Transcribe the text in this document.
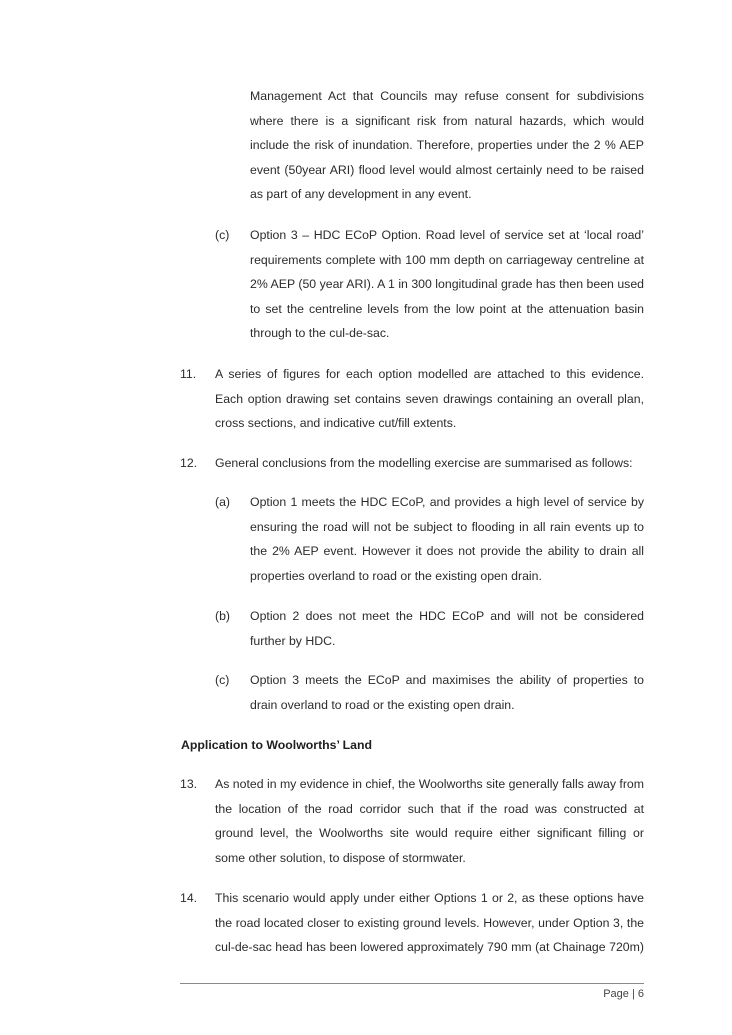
Management Act that Councils may refuse consent for subdivisions where there is a significant risk from natural hazards, which would include the risk of inundation. Therefore, properties under the 2 % AEP event (50year ARI) flood level would almost certainly need to be raised as part of any development in any event.

(c) Option 3 – HDC ECoP Option. Road level of service set at ‘local road’ requirements complete with 100 mm depth on carriageway centreline at 2% AEP (50 year ARI). A 1 in 300 longitudinal grade has then been used to set the centreline levels from the low point at the attenuation basin through to the cul-de-sac.

11. A series of figures for each option modelled are attached to this evidence. Each option drawing set contains seven drawings containing an overall plan, cross sections, and indicative cut/fill extents.

12. General conclusions from the modelling exercise are summarised as follows:

(a) Option 1 meets the HDC ECoP, and provides a high level of service by ensuring the road will not be subject to flooding in all rain events up to the 2% AEP event. However it does not provide the ability to drain all properties overland to road or the existing open drain.

(b) Option 2 does not meet the HDC ECoP and will not be considered further by HDC.

(c) Option 3 meets the ECoP and maximises the ability of properties to drain overland to road or the existing open drain.

Application to Woolworths’ Land
13. As noted in my evidence in chief, the Woolworths site generally falls away from the location of the road corridor such that if the road was constructed at ground level, the Woolworths site would require either significant filling or some other solution, to dispose of stormwater.

14. This scenario would apply under either Options 1 or 2, as these options have the road located closer to existing ground levels. However, under Option 3, the cul-de-sac head has been lowered approximately 790 mm (at Chainage 720m)

Page | 6
